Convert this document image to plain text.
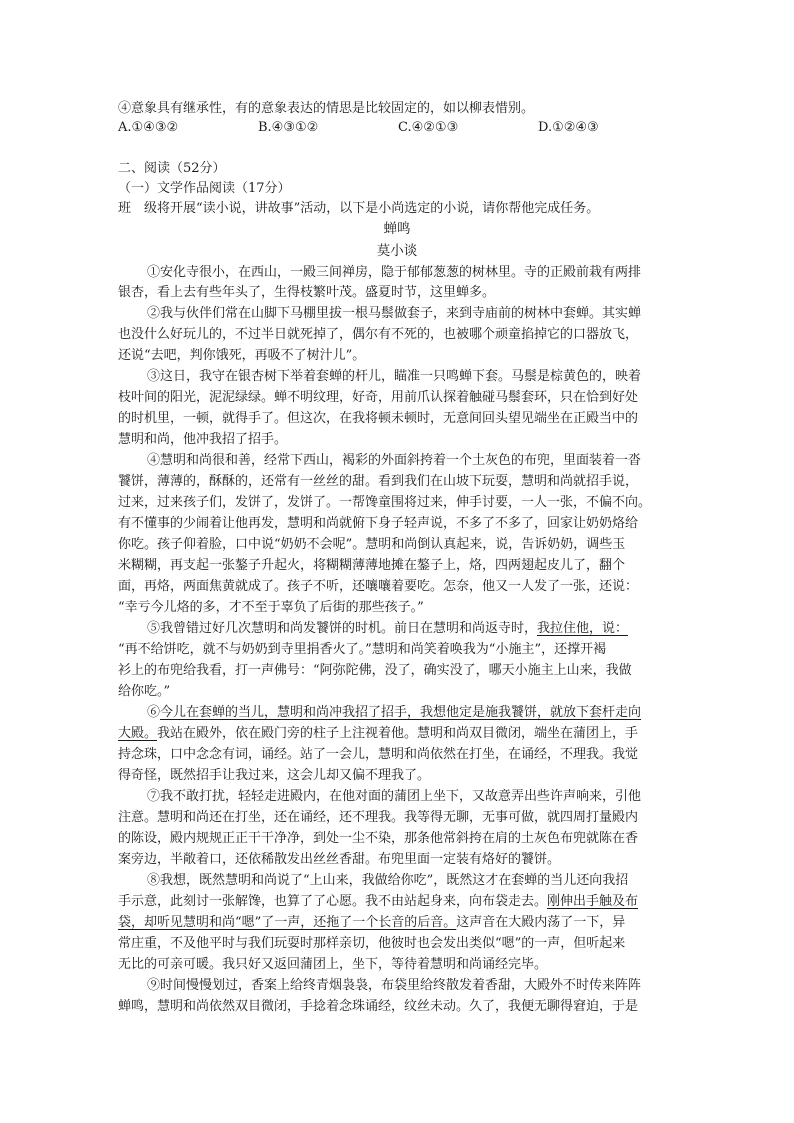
④意象具有继承性，有的意象表达的情思是比较固定的，如以柳表惜别。
A.①④③②	B.④③①②	C.④②①③	D.①②④③
二、阅读（52分）
（一）文学作品阅读（17分）
班　级将开展“读小说，讲故事”活动，以下是小尚选定的小说，请你帮他完成任务。
蝉鸣
莫小谈
①安化寺很小，在西山，一殿三间禅房，隐于郁郁葱葱的树林里。寺的正殿前栽有两排
银杏，看上去有些年头了，生得枝繁叶茂。盛夏时节，这里蝉多。
②我与伙伴们常在山脚下马棚里拔一根马鬃做套子，来到寺庙前的树林中套蝉。其实蝉
也没什么好玩儿的，不过半日就死掉了，偶尔有不死的，也被哪个顽童掐掉它的口器放飞，
还说“去吧，判你饿死，再吸不了树汁儿”。
③这日，我守在银杏树下举着套蝉的杆儿，瞄准一只鸣蝉下套。马鬃是棕黄色的，映着
枝叶间的阳光，泥泥绿绿。蝉不明纹理，好奇，用前爪认探着触碰马鬃套环，只在恰到好处
的时机里，一顿，就得手了。但这次，在我将顿未顿时，无意间回头望见端坐在正殿当中的
慧明和尚，他冲我招了招手。
④慧明和尚很和善，经常下西山，褐彩的外面斜挎着一个土灰色的布兜，里面装着一沓
饕饼，薄薄的，酥酥的，还常有一丝丝的甜。看到我们在山坡下玩耍，慧明和尚就招手说，
过来，过来孩子们，发饼了，发饼了。一帮馋童围将过来，伸手讨要，一人一张，不偏不向。
有不懂事的少闹着让他再发，慧明和尚就俯下身子轻声说，不多了不多了，回家让奶奶烙给
你吃。孩子仰着脸，口中说“奶奶不会呢”。慧明和尚倒认真起来，说，告诉奶奶，调些玉
米糊糊，再支起一张鏊子升起火，将糊糊薄薄地摊在鏊子上，烙，四两翅起皮儿了，翻个
面，再烙，两面焦黄就成了。孩子不听，还嚷嚷着要吃。怎奈，他又一人发了一张，还说：
“幸亏今儿烙的多，才不至于辜负了后街的那些孩子。”
⑤我曾错过好几次慧明和尚发饕饼的时机。前日在慧明和尚返寺时，我拉住他，说：
“再不给饼吃，就不与奶奶到寺里捐香火了。”慧明和尚笑着唤我为“小施主”，还撑开褐
衫上的布兜给我看，打一声佛号：“阿弥陀佛，没了，确实没了，哪天小施主上山来，我做
给你吃。”
⑥今儿在套蝉的当儿，慧明和尚冲我招了招手，我想他定是施我饕饼，就放下套杆走向
大殿。我站在殿外，依在殿门旁的柱子上注视着他。慧明和尚双目微闭，端坐在蒲团上，手
持念珠，口中念念有词，诵经。站了一会儿，慧明和尚依然在打坐，在诵经，不理我。我觉
得奇怪，既然招手让我过来，这会儿却又偏不理我了。
⑦我不敢打扰，轻轻走进殿内，在他对面的蒲团上坐下，又故意弄出些许声响来，引他
注意。慧明和尚还在打坐，还在诵经，还不理我。我等得无聊，无事可做，就四周打量殿内
的陈设，殿内规规正正干干净净，到处一尘不染，那条他常斜挎在肩的土灰色布兜就陈在香
案旁边，半敞着口，还依稀散发出丝丝香甜。布兜里面一定装有烙好的饕饼。
⑧我想，既然慧明和尚说了“上山来，我做给你吃”，既然这才在套蝉的当儿还向我招
手示意，此刻讨一张解馋，也算了了心愿。我不由站起身来，向布袋走去。刚伸出手触及布
袋，却听见慧明和尚“嗯”了一声，还拖了一个长音的后音。这声音在大殿内荡了一下，异
常庄重，不及他平时与我们玩耍时那样亲切，他彼时也会发出类似“嗯”的一声，但听起来
无比的可亲可暖。我只好又返回蒲团上，坐下，等待着慧明和尚诵经完毕。
⑨时间慢慢划过，香案上给终青烟袅袅，布袋里给终散发着香甜，大殿外不时传来阵阵
蝉鸣，慧明和尚依然双目微闭，手捻着念珠诵经，纹丝未动。久了，我便无聊得窘迫，于是
